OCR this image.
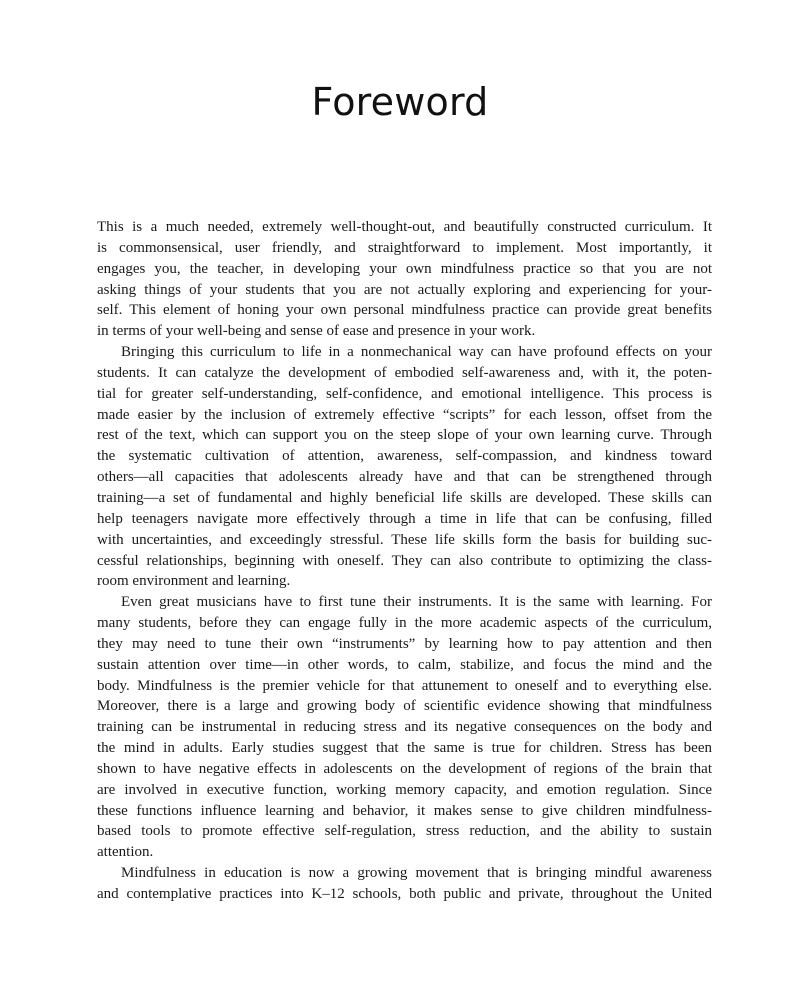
Foreword
This is a much needed, extremely well-thought-out, and beautifully constructed curriculum. It
is commonsensical, user friendly, and straightforward to implement. Most importantly, it
engages you, the teacher, in developing your own mindfulness practice so that you are not
asking things of your students that you are not actually exploring and experiencing for your-
self. This element of honing your own personal mindfulness practice can provide great benefits
in terms of your well-being and sense of ease and presence in your work.
Bringing this curriculum to life in a nonmechanical way can have profound effects on your
students. It can catalyze the development of embodied self-awareness and, with it, the poten-
tial for greater self-understanding, self-confidence, and emotional intelligence. This process is
made easier by the inclusion of extremely effective “scripts” for each lesson, offset from the
rest of the text, which can support you on the steep slope of your own learning curve. Through
the systematic cultivation of attention, awareness, self-compassion, and kindness toward
others—all capacities that adolescents already have and that can be strengthened through
training—a set of fundamental and highly beneficial life skills are developed. These skills can
help teenagers navigate more effectively through a time in life that can be confusing, filled
with uncertainties, and exceedingly stressful. These life skills form the basis for building suc-
cessful relationships, beginning with oneself. They can also contribute to optimizing the class-
room environment and learning.
Even great musicians have to first tune their instruments. It is the same with learning. For
many students, before they can engage fully in the more academic aspects of the curriculum,
they may need to tune their own “instruments” by learning how to pay attention and then
sustain attention over time—in other words, to calm, stabilize, and focus the mind and the
body. Mindfulness is the premier vehicle for that attunement to oneself and to everything else.
Moreover, there is a large and growing body of scientific evidence showing that mindfulness
training can be instrumental in reducing stress and its negative consequences on the body and
the mind in adults. Early studies suggest that the same is true for children. Stress has been
shown to have negative effects in adolescents on the development of regions of the brain that
are involved in executive function, working memory capacity, and emotion regulation. Since
these functions influence learning and behavior, it makes sense to give children mindfulness-
based tools to promote effective self-regulation, stress reduction, and the ability to sustain
attention.
Mindfulness in education is now a growing movement that is bringing mindful awareness
and contemplative practices into K–12 schools, both public and private, throughout the United
